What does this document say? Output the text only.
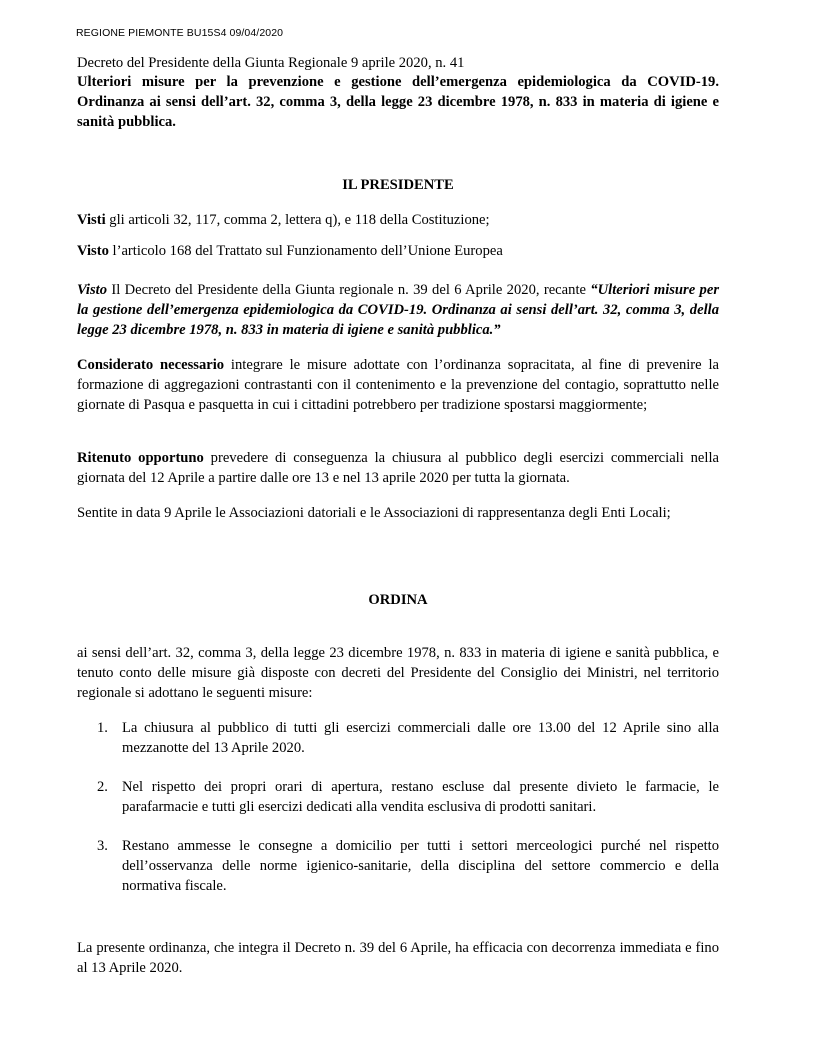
REGIONE PIEMONTE BU15S4 09/04/2020
Decreto del Presidente della Giunta Regionale 9 aprile 2020, n. 41
Ulteriori misure per la prevenzione e gestione dell’emergenza epidemiologica da COVID-19. Ordinanza ai sensi dell’art. 32, comma 3, della legge 23 dicembre 1978, n. 833 in materia di igiene e sanità pubblica.
IL PRESIDENTE
Visti gli articoli 32, 117, comma 2, lettera q), e 118 della Costituzione;
Visto l’articolo 168 del Trattato sul Funzionamento dell’Unione Europea
Visto Il Decreto del Presidente della Giunta regionale n. 39 del 6 Aprile 2020, recante “Ulteriori misure per la gestione dell’emergenza epidemiologica da COVID-19. Ordinanza ai sensi dell’art. 32, comma 3, della legge 23 dicembre 1978, n. 833 in materia di igiene e sanità pubblica.”
Considerato necessario integrare le misure adottate con l’ordinanza sopracitata, al fine di prevenire la formazione di aggregazioni contrastanti con il contenimento e la prevenzione del contagio, soprattutto nelle giornate di Pasqua e pasquetta in cui i cittadini potrebbero per tradizione spostarsi maggiormente;
Ritenuto opportuno prevedere di conseguenza la chiusura al pubblico degli esercizi commerciali nella giornata del 12 Aprile a partire dalle ore 13 e nel 13 aprile 2020 per tutta la giornata.
Sentite in data 9 Aprile le Associazioni datoriali e le Associazioni di rappresentanza degli Enti Locali;
ORDINA
ai sensi dell’art. 32, comma 3, della legge 23 dicembre 1978, n. 833 in materia di igiene e sanità pubblica, e tenuto conto delle misure già disposte con decreti del Presidente del Consiglio dei Ministri, nel territorio regionale si adottano le seguenti misure:
1. La chiusura al pubblico di tutti gli esercizi commerciali dalle ore 13.00 del 12 Aprile sino alla mezzanotte del 13 Aprile 2020.
2. Nel rispetto dei propri orari di apertura, restano escluse dal presente divieto le farmacie, le parafarmacie e tutti gli esercizi dedicati alla vendita esclusiva di prodotti sanitari.
3. Restano ammesse le consegne a domicilio per tutti i settori merceologici purché nel rispetto dell’osservanza delle norme igienico-sanitarie, della disciplina del settore commercio e della normativa fiscale.
La presente ordinanza, che integra il Decreto n. 39 del 6 Aprile, ha efficacia con decorrenza immediata e fino al 13 Aprile 2020.
